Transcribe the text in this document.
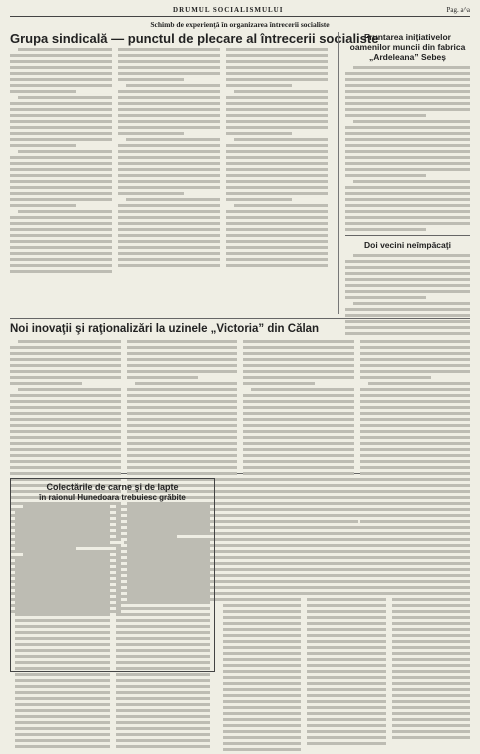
DRUMUL SOCIALISMULUI	Pag. a^a
Schimb de experienţă în organizarea întrecerii socialiste
Grupa sindicală — punctul de plecare al întrecerii socialiste
Fruntarea inițiativelor oamenilor muncii din fabrica „Ardeleana” Sebeș
Doi vecini neîmpăcaţi
Noi inovaţii şi raţionalizări la uzinele „Victoria” din Călan
Colectările de carne şi de lapte
în raionul Hunedoara trebuiesc grăbite
